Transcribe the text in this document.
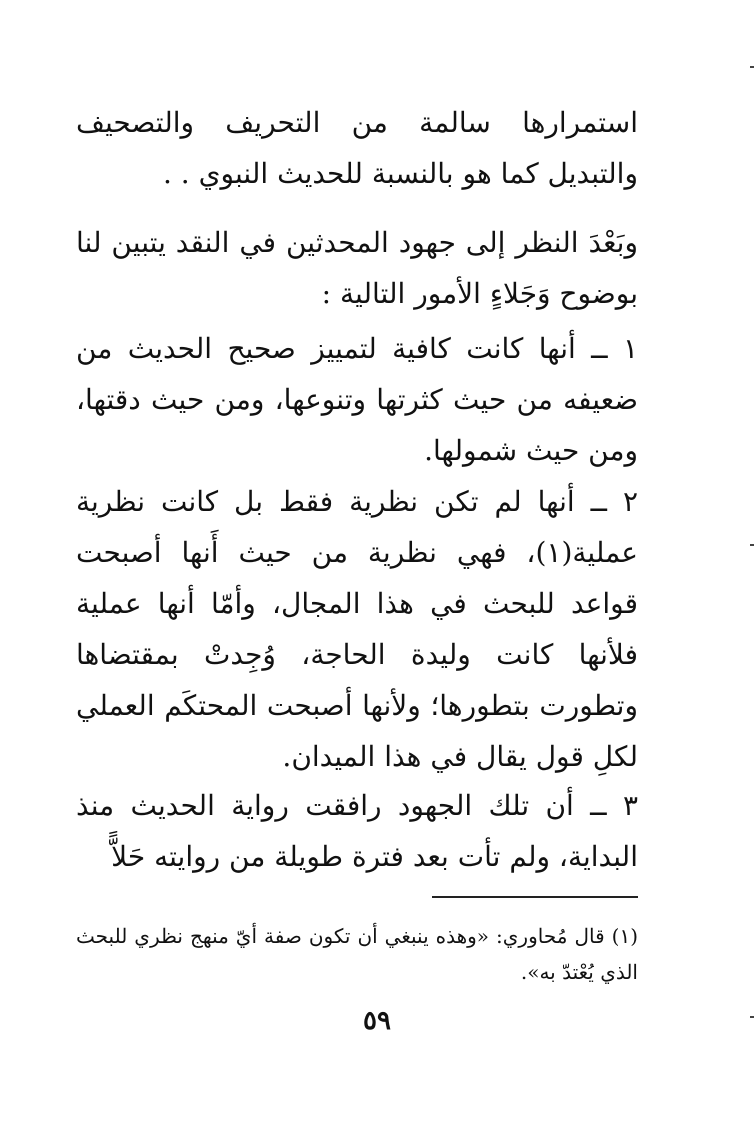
استمرارها سالمة من التحريف والتصحيف والتبديل كما هو بالنسبة للحديث النبوي . .

وبَعْدَ النظر إلى جهود المحدثين في النقد يتبين لنا بوضوح وَجَلاءٍ الأمور التالية :

١ ــ أنها كانت كافية لتمييز صحيح الحديث من ضعيفه من حيث كثرتها وتنوعها، ومن حيث دقتها، ومن حيث شمولها.

٢ ــ أنها لم تكن نظرية فقط بل كانت نظرية عملية(١)، فهي نظرية من حيث أَنها أصبحت قواعد للبحث في هذا المجال، وأمّا أنها عملية فلأنها كانت وليدة الحاجة، وُجِدتْ بمقتضاها وتطورت بتطورها؛ ولأنها أصبحت المحتكَم العملي لكلِ قول يقال في هذا الميدان.

٣ ــ أن تلك الجهود رافقت رواية الحديث منذ البداية، ولم تأت بعد فترة طويلة من روايته حَلاًّ

(١) قال مُحاوري: «وهذه ينبغي أن تكون صفة أيّ منهج نظري للبحث الذي يُعْتدّ به».

٥٩
